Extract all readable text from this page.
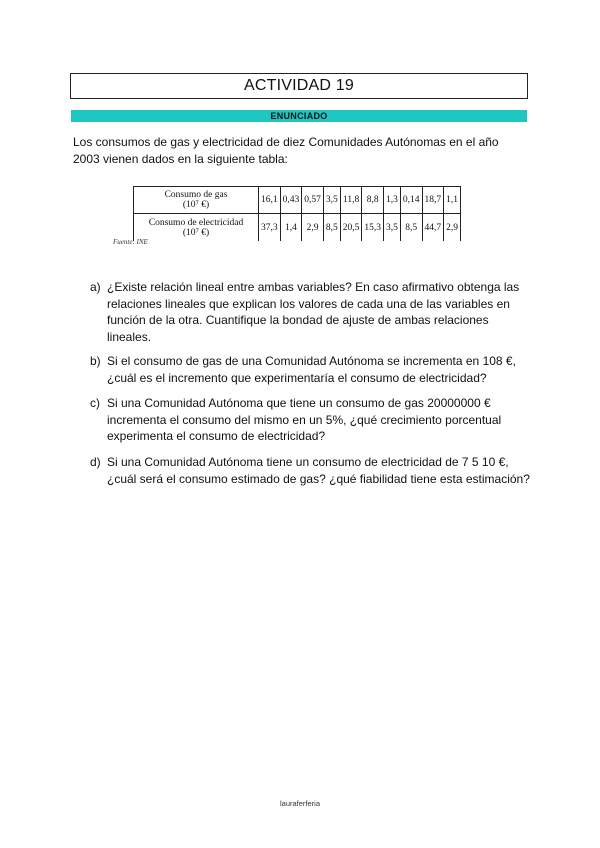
ACTIVIDAD 19
ENUNCIADO
Los consumos de gas y electricidad de diez Comunidades Autónomas en el año 2003 vienen dados en la siguiente tabla:
Consumo de gas
(10⁷ €)	16,1	0,43	0,57	3,5	11,8	8,8	1,3	0,14	18,7	1,1

Consumo de electricidad
(10⁷ €)	37,3	1,4	2,9	8,5	20,5	15,3	3,5	8,5	44,7	2,9
Fuente: INE
a) ¿Existe relación lineal entre ambas variables? En caso afirmativo obtenga las relaciones lineales que explican los valores de cada una de las variables en función de la otra. Cuantifique la bondad de ajuste de ambas relaciones lineales.
b) Si el consumo de gas de una Comunidad Autónoma se incrementa en 108 €, ¿cuál es el incremento que experimentaría el consumo de electricidad?
c) Si una Comunidad Autónoma que tiene un consumo de gas 20000000 € incrementa el consumo del mismo en un 5%, ¿qué crecimiento porcentual experimenta el consumo de electricidad?
d) Si una Comunidad Autónoma tiene un consumo de electricidad de 7 5 10 €, ¿cuál será el consumo estimado de gas? ¿qué fiabilidad tiene esta estimación?
lauraferferia
